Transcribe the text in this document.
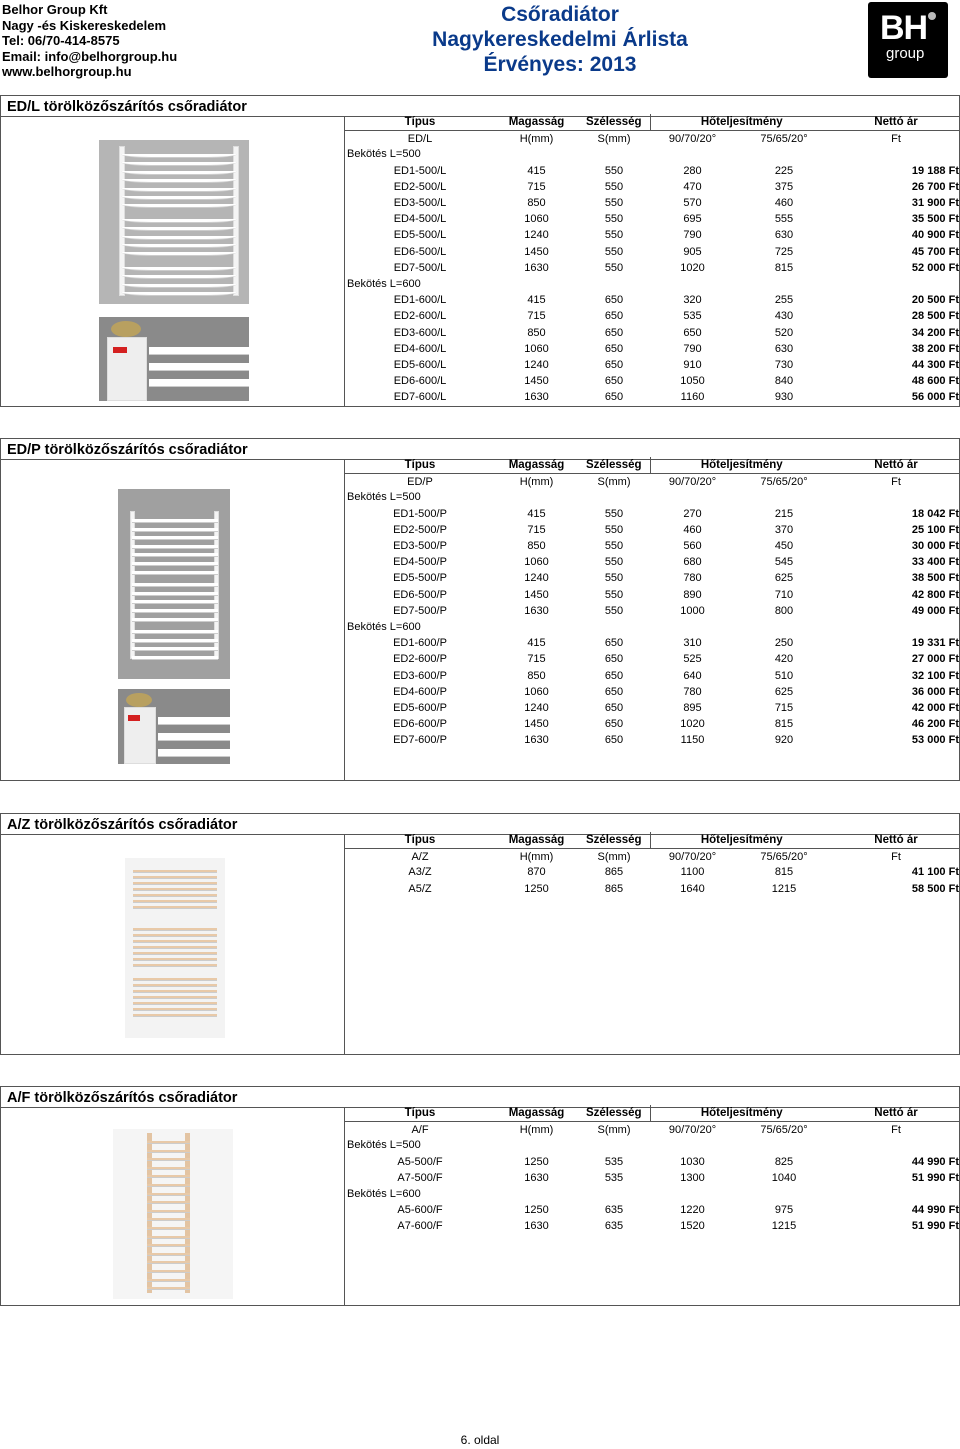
Belhor Group Kft
Nagy -és Kiskereskedelem
Tel: 06/70-414-8575
Email: info@belhorgroup.hu
www.belhorgroup.hu
Csőradiátor
Nagykereskedelmi Árlista
Érvényes: 2013
BH
group
ED/L törölközőszárítós csőradiátor
Típus	Magasság	Szélesség	Hőteljesítmény		Nettó ár
ED/L	H(mm)	S(mm)	90/70/20°	75/65/20°	Ft
Bekötés L=500					
ED1-500/L	415	550	280	225	19 188 Ft
ED2-500/L	715	550	470	375	26 700 Ft
ED3-500/L	850	550	570	460	31 900 Ft
ED4-500/L	1060	550	695	555	35 500 Ft
ED5-500/L	1240	550	790	630	40 900 Ft
ED6-500/L	1450	550	905	725	45 700 Ft
ED7-500/L	1630	550	1020	815	52 000 Ft
Bekötés L=600					
ED1-600/L	415	650	320	255	20 500 Ft
ED2-600/L	715	650	535	430	28 500 Ft
ED3-600/L	850	650	650	520	34 200 Ft
ED4-600/L	1060	650	790	630	38 200 Ft
ED5-600/L	1240	650	910	730	44 300 Ft
ED6-600/L	1450	650	1050	840	48 600 Ft
ED7-600/L	1630	650	1160	930	56 000 Ft
ED/P törölközőszárítós csőradiátor
Típus	Magasság	Szélesség	Hőteljesítmény		Nettó ár
ED/P	H(mm)	S(mm)	90/70/20°	75/65/20°	Ft
Bekötés L=500					
ED1-500/P	415	550	270	215	18 042 Ft
ED2-500/P	715	550	460	370	25 100 Ft
ED3-500/P	850	550	560	450	30 000 Ft
ED4-500/P	1060	550	680	545	33 400 Ft
ED5-500/P	1240	550	780	625	38 500 Ft
ED6-500/P	1450	550	890	710	42 800 Ft
ED7-500/P	1630	550	1000	800	49 000 Ft
Bekötés L=600					
ED1-600/P	415	650	310	250	19 331 Ft
ED2-600/P	715	650	525	420	27 000 Ft
ED3-600/P	850	650	640	510	32 100 Ft
ED4-600/P	1060	650	780	625	36 000 Ft
ED5-600/P	1240	650	895	715	42 000 Ft
ED6-600/P	1450	650	1020	815	46 200 Ft
ED7-600/P	1630	650	1150	920	53 000 Ft
A/Z törölközőszárítós csőradiátor
Típus	Magasság	Szélesség	Hőteljesítmény		Nettó ár
A/Z	H(mm)	S(mm)	90/70/20°	75/65/20°	Ft
A3/Z	870	865	1100	815	41 100 Ft
A5/Z	1250	865	1640	1215	58 500 Ft
A/F törölközőszárítós csőradiátor
Típus	Magasság	Szélesség	Hőteljesítmény		Nettó ár
A/F	H(mm)	S(mm)	90/70/20°	75/65/20°	Ft
Bekötés L=500					
A5-500/F	1250	535	1030	825	44 990 Ft
A7-500/F	1630	535	1300	1040	51 990 Ft
Bekötés L=600					
A5-600/F	1250	635	1220	975	44 990 Ft
A7-600/F	1630	635	1520	1215	51 990 Ft
6. oldal
